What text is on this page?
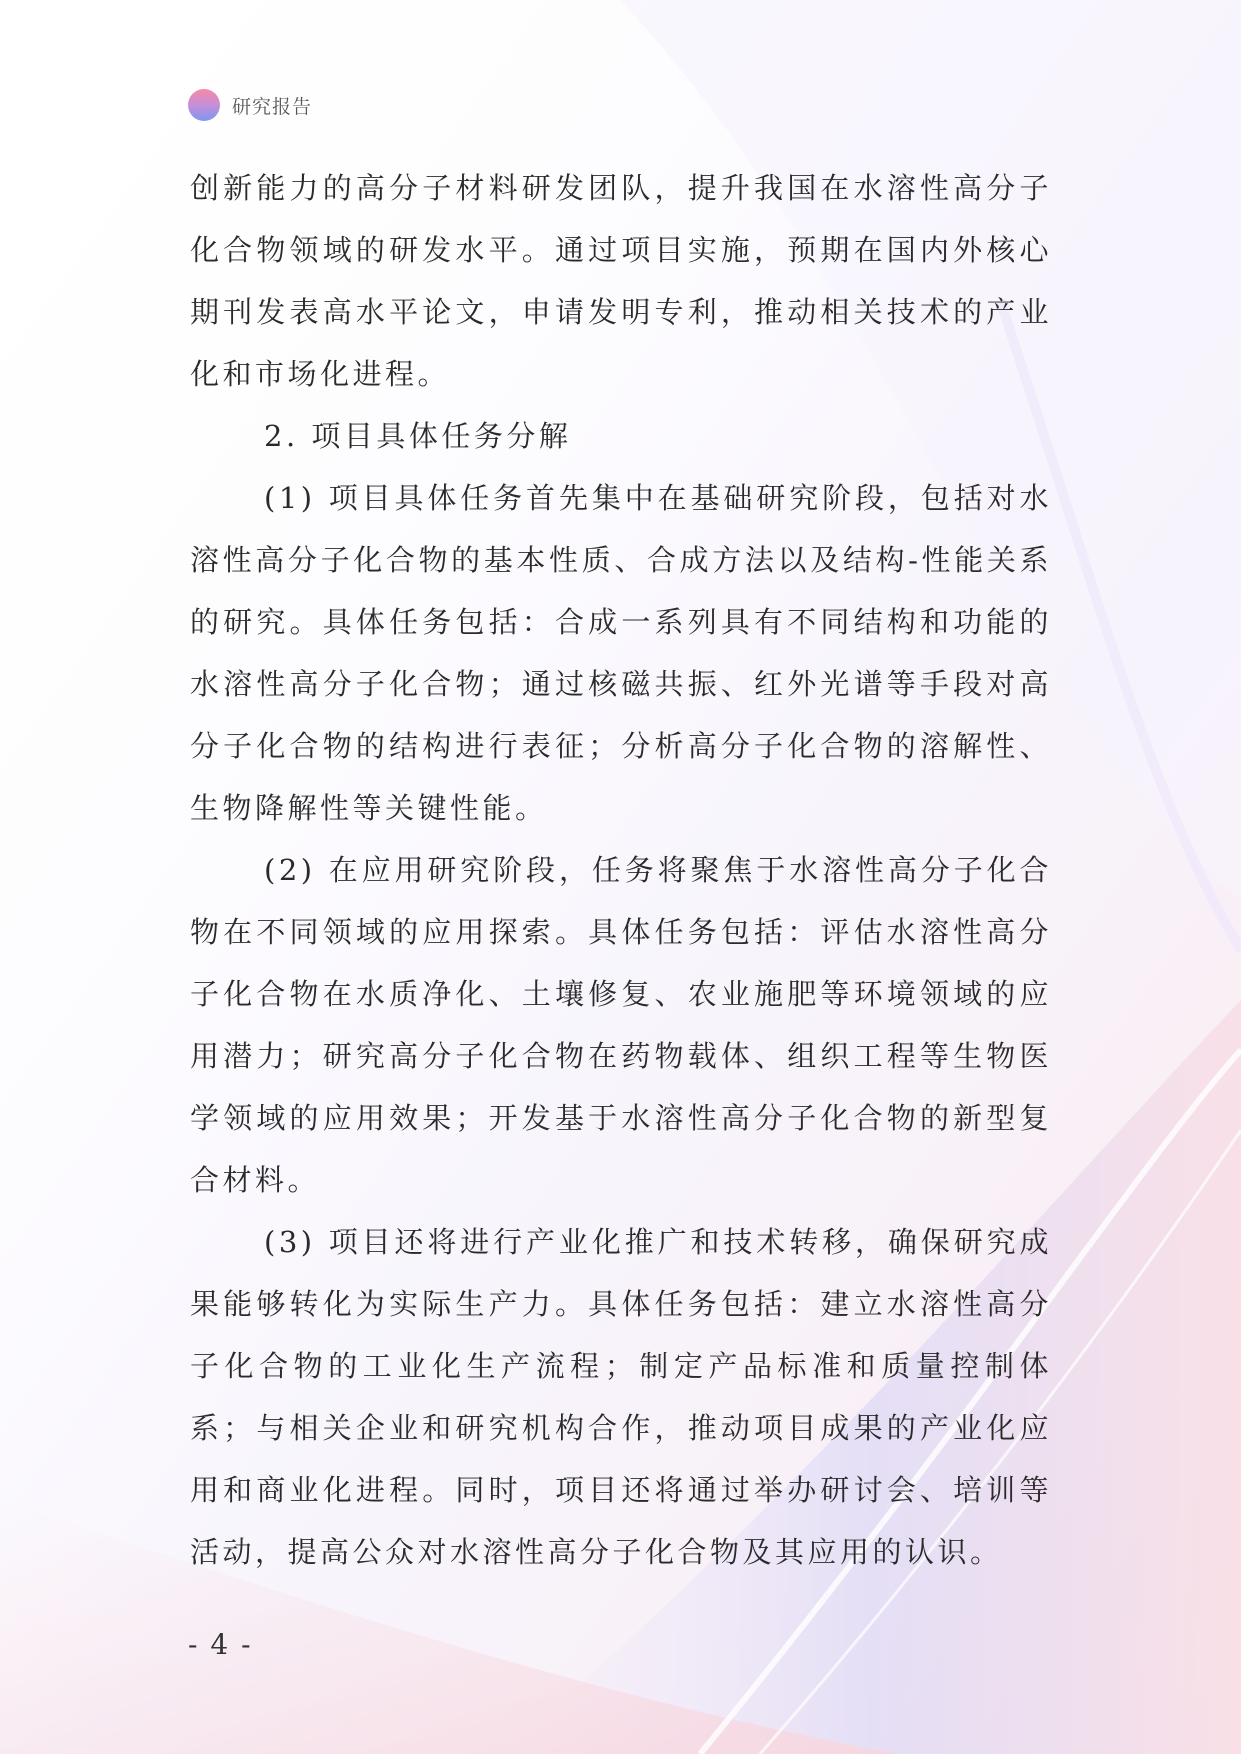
研究报告

创新能力的高分子材料研发团队，提升我国在水溶性高分子化合物领域的研发水平。通过项目实施，预期在国内外核心期刊发表高水平论文，申请发明专利，推动相关技术的产业化和市场化进程。

2. 项目具体任务分解

(1) 项目具体任务首先集中在基础研究阶段，包括对水溶性高分子化合物的基本性质、合成方法以及结构-性能关系的研究。具体任务包括：合成一系列具有不同结构和功能的水溶性高分子化合物；通过核磁共振、红外光谱等手段对高分子化合物的结构进行表征；分析高分子化合物的溶解性、生物降解性等关键性能。

(2) 在应用研究阶段，任务将聚焦于水溶性高分子化合物在不同领域的应用探索。具体任务包括：评估水溶性高分子化合物在水质净化、土壤修复、农业施肥等环境领域的应用潜力；研究高分子化合物在药物载体、组织工程等生物医学领域的应用效果；开发基于水溶性高分子化合物的新型复合材料。

(3) 项目还将进行产业化推广和技术转移，确保研究成果能够转化为实际生产力。具体任务包括：建立水溶性高分子化合物的工业化生产流程；制定产品标准和质量控制体系；与相关企业和研究机构合作，推动项目成果的产业化应用和商业化进程。同时，项目还将通过举办研讨会、培训等活动，提高公众对水溶性高分子化合物及其应用的认识。

- 4 -
